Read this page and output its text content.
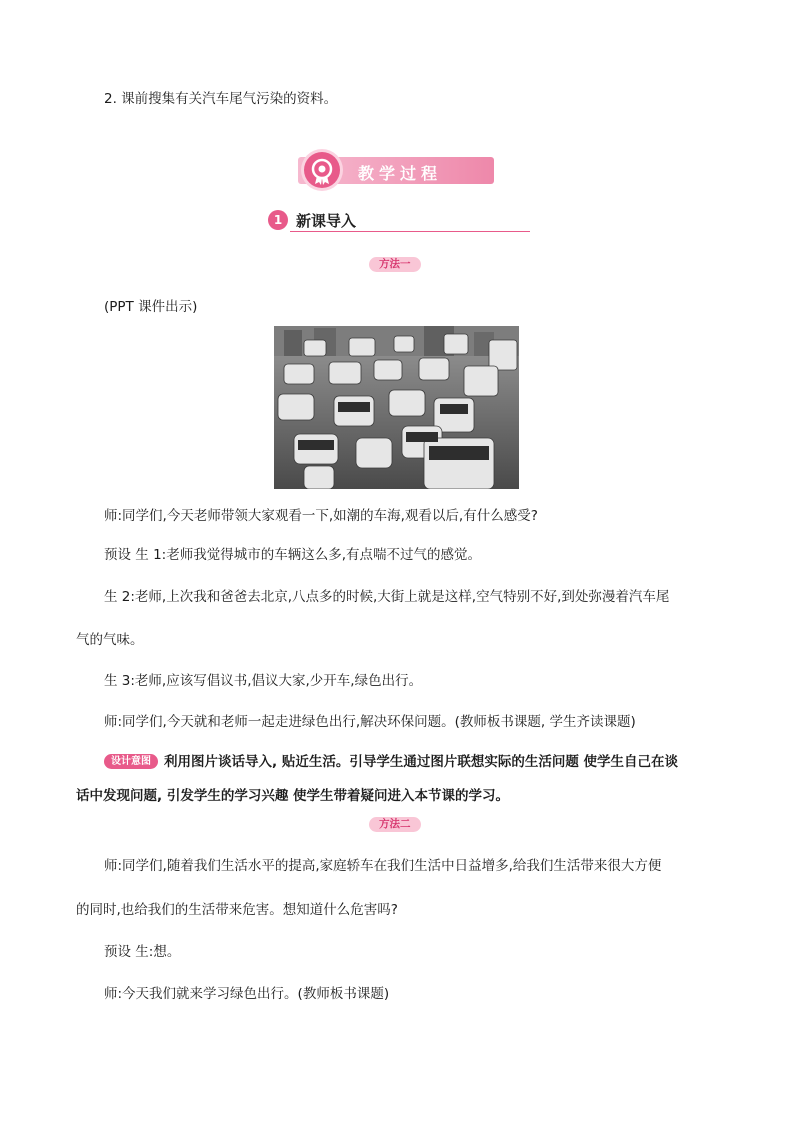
2. 课前搜集有关汽车尾气污染的资料。
教学过程
1 新课导入
方法一
(PPT 课件出示)
师:同学们,今天老师带领大家观看一下,如潮的车海,观看以后,有什么感受?
预设 生 1:老师我觉得城市的车辆这么多,有点喘不过气的感觉。
生 2:老师,上次我和爸爸去北京,八点多的时候,大街上就是这样,空气特别不好,到处弥漫着汽车尾
气的气味。
生 3:老师,应该写倡议书,倡议大家,少开车,绿色出行。
师:同学们,今天就和老师一起走进绿色出行,解决环保问题。(教师板书课题, 学生齐读课题)
设计意图 利用图片谈话导入, 贴近生活。引导学生通过图片联想实际的生活问题 使学生自己在谈
话中发现问题, 引发学生的学习兴趣 使学生带着疑问进入本节课的学习。
方法二
师:同学们,随着我们生活水平的提高,家庭轿车在我们生活中日益增多,给我们生活带来很大方便
的同时,也给我们的生活带来危害。想知道什么危害吗?
预设 生:想。
师:今天我们就来学习绿色出行。(教师板书课题)
